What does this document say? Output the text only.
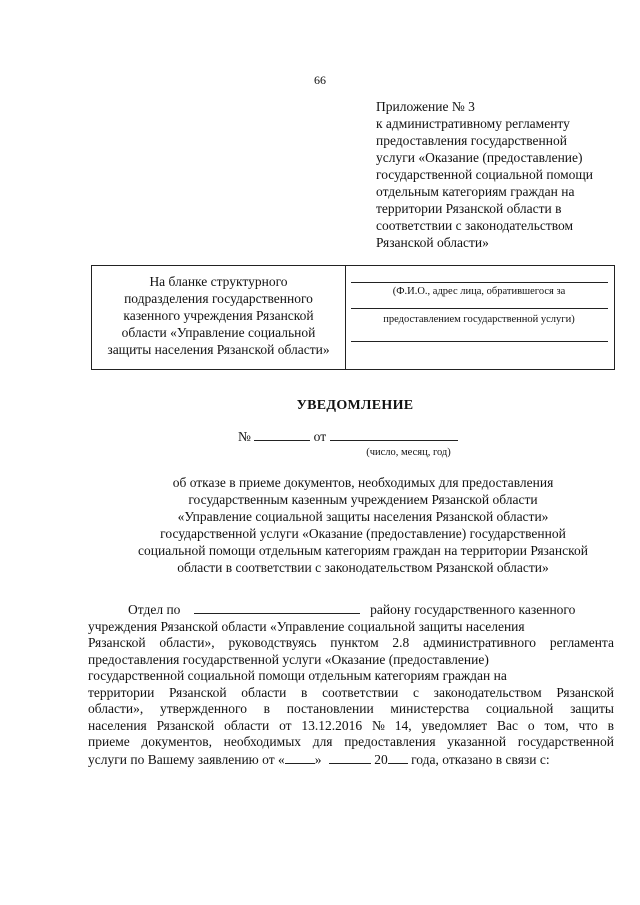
66
Приложение № 3
к административному регламенту
предоставления государственной
услуги «Оказание (предоставление)
государственной социальной помощи
отдельным категориям граждан на
территории Рязанской области в
соответствии с законодательством
Рязанской области»
На бланке структурного
подразделения государственного
казенного учреждения Рязанской
области «Управление социальной
защиты населения Рязанской области»
(Ф.И.О., адрес лица, обратившегося за
предоставлением государственной услуги)
УВЕДОМЛЕНИЕ
№	от
(число, месяц, год)
об отказе в приеме документов, необходимых для предоставления
государственным казенным учреждением Рязанской области
«Управление социальной защиты населения Рязанской области»
государственной услуги «Оказание (предоставление) государственной
социальной помощи отдельным категориям граждан на территории Рязанской
области в соответствии с законодательством Рязанской области»
Отдел по	району государственного казенного
учреждения Рязанской области «Управление социальной защиты населения
Рязанской области», руководствуясь пунктом 2.8 административного регламента
предоставления государственной услуги «Оказание (предоставление)
государственной социальной помощи отдельным категориям граждан на
территории Рязанской области в соответствии с законодательством Рязанской
области», утвержденного в постановлении министерства социальной защиты
населения Рязанской области от 13.12.2016 № 14, уведомляет Вас о том, что в
приеме документов, необходимых для предоставления указанной государственной
услуги по Вашему заявлению от « »	20 года, отказано в связи с:
